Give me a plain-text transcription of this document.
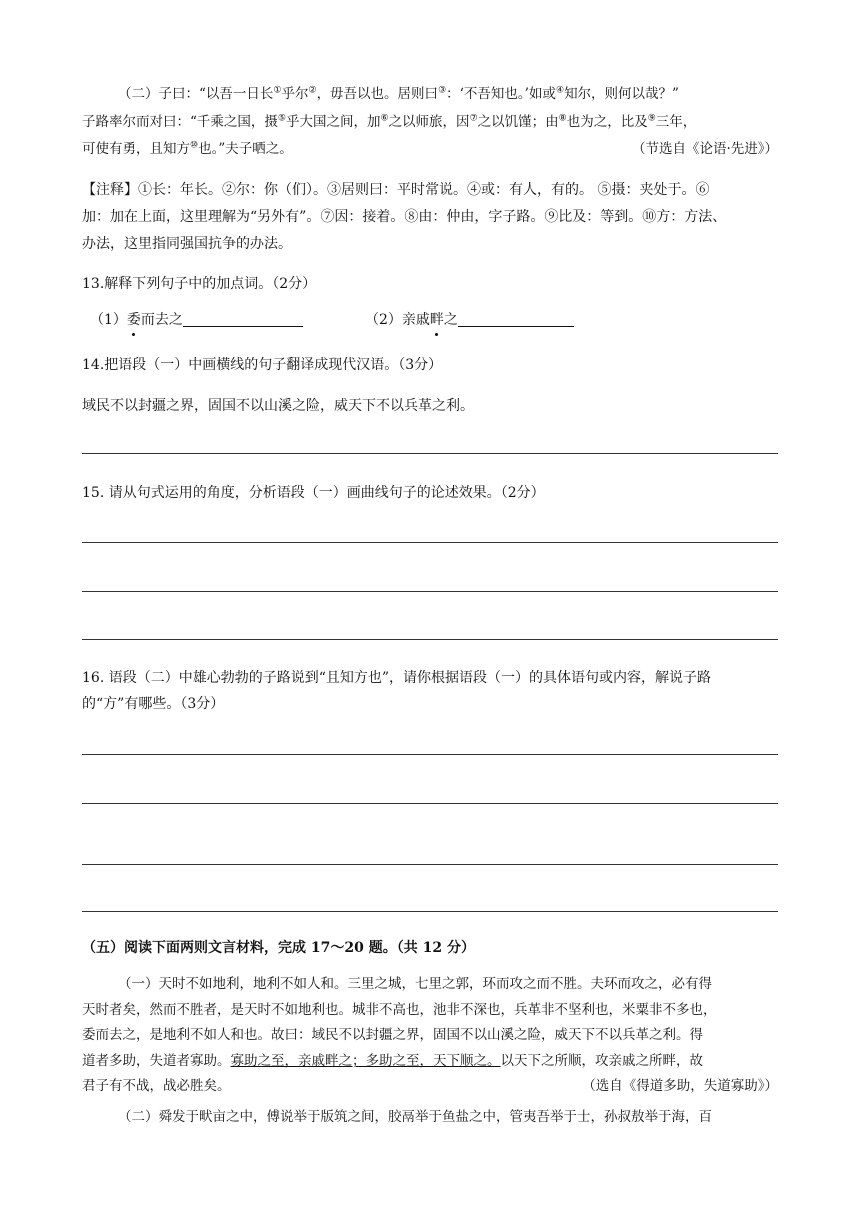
（二）子曰：“以吾一日长①乎尔②，毋吾以也。居则曰③：‘不吾知也。’如或④知尔，则何以哉？”
子路率尔而对曰：“千乘之国，摄⑤乎大国之间，加⑥之以师旅，因⑦之以饥馑；由⑧也为之，比及⑨三年，
可使有勇，且知方⑩也。”夫子哂之。	（节选自《论语·先进》）
【注释】①长：年长。②尔：你（们）。③居则曰：平时常说。④或：有人，有的。 ⑤摄：夹处于。⑥
加：加在上面，这里理解为“另外有”。⑦因：接着。⑧由：仲由，字子路。⑨比及：等到。⑩方：方法、
办法，这里指同强国抗争的办法。
13.解释下列句子中的加点词。（2分）
（1）委而去之	（2）亲戚畔之
14.把语段（一）中画横线的句子翻译成现代汉语。（3分）
域民不以封疆之界，固国不以山溪之险，威天下不以兵革之利。
15. 请从句式运用的角度，分析语段（一）画曲线句子的论述效果。（2分）
16. 语段（二）中雄心勃勃的子路说到“且知方也”，请你根据语段（一）的具体语句或内容，解说子路
的“方”有哪些。（3分）
（五）阅读下面两则文言材料，完成 17～20 题。（共 12 分）
（一）天时不如地利，地利不如人和。三里之城，七里之郭，环而攻之而不胜。夫环而攻之，必有得
天时者矣，然而不胜者，是天时不如地利也。城非不高也，池非不深也，兵革非不坚利也，米粟非不多也，
委而去之，是地利不如人和也。故曰：域民不以封疆之界，固国不以山溪之险，威天下不以兵革之利。得
道者多助，失道者寡助。寡助之至，亲戚畔之；多助之至，天下顺之。以天下之所顺，攻亲戚之所畔，故
君子有不战，战必胜矣。	（选自《得道多助，失道寡助》）
（二）舜发于畎亩之中，傅说举于版筑之间，胶鬲举于鱼盐之中，管夷吾举于士，孙叔敖举于海，百
